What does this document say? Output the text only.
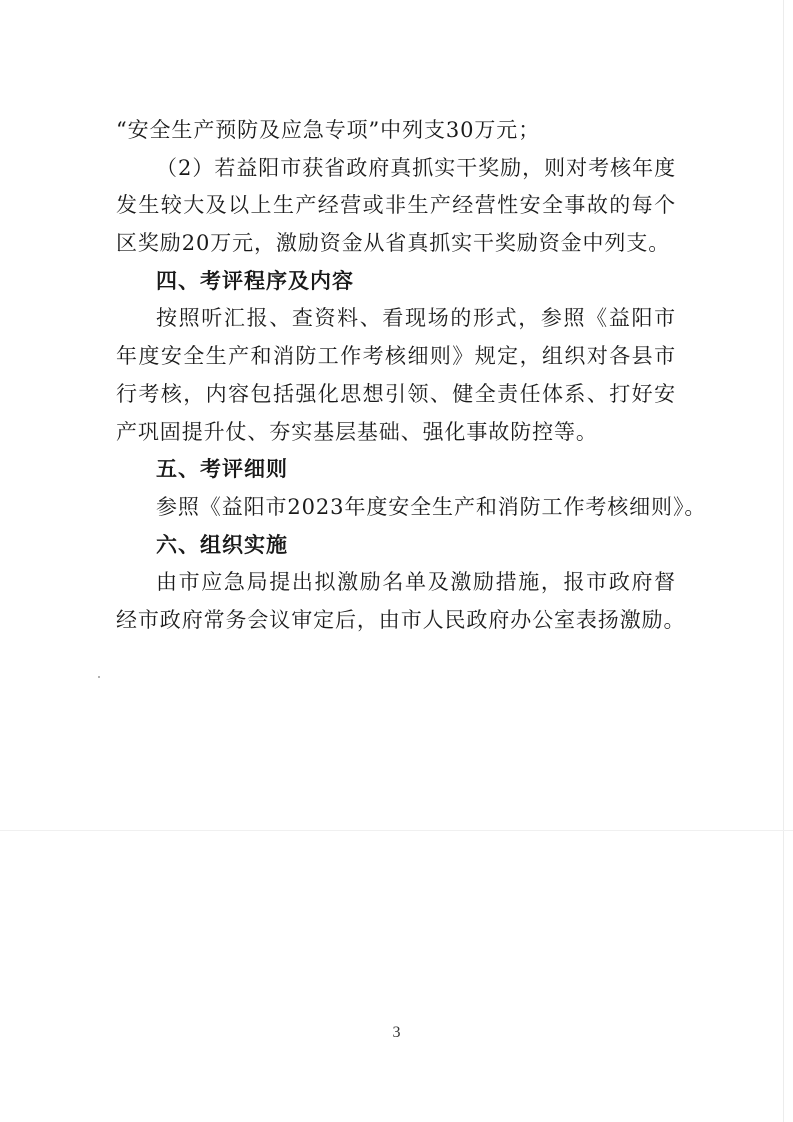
“安全生产预防及应急专项”中列支30万元；
（2）若益阳市获省政府真抓实干奖励，则对考核年度
发生较大及以上生产经营或非生产经营性安全事故的每个
区奖励20万元，激励资金从省真抓实干奖励资金中列支。
四、考评程序及内容
按照听汇报、查资料、看现场的形式，参照《益阳市
年度安全生产和消防工作考核细则》规定，组织对各县市
行考核，内容包括强化思想引领、健全责任体系、打好安
产巩固提升仗、夯实基层基础、强化事故防控等。
五、考评细则
参照《益阳市2023年度安全生产和消防工作考核细则》。
六、组织实施
由市应急局提出拟激励名单及激励措施，报市政府督
经市政府常务会议审定后，由市人民政府办公室表扬激励。
3
